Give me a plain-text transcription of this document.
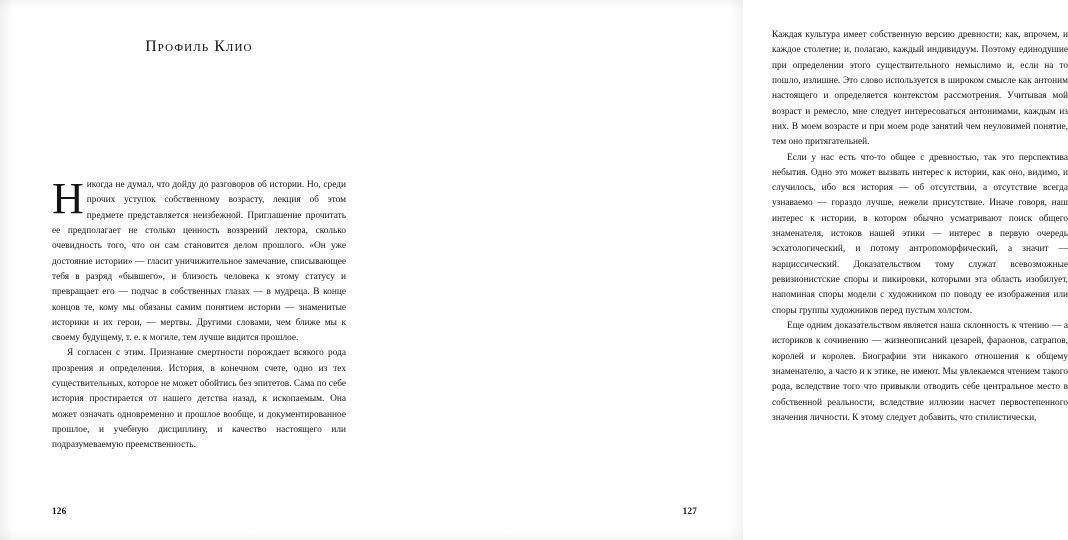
Профиль Клио

Никогда не думал, что дойду до разговоров об истории. Но, среди прочих уступок собственному возрасту, лекция об этом предмете представляется неизбежной. Приглашение прочитать ее предполагает не столько ценность воззрений лектора, сколько очевидность того, что он сам становится делом прошлого. «Он уже достояние истории» — гласит уничижительное замечание, списывающее тебя в разряд «бывшего», и близость человека к этому статусу и превращает его — подчас в собственных глазах — в мудреца. В конце концов те, кому мы обязаны самим понятием истории — знаменитые историки и их герои, — мертвы. Другими словами, чем ближе мы к своему будущему, т. е. к могиле, тем лучше видится прошлое.

Я согласен с этим. Признание смертности порождает всякого рода прозрения и определения. История, в конечном счете, одно из тех существительных, которое не может обойтись без эпитетов. Сама по себе история простирается от нашего детства назад, к ископаемым. Она может означать одновременно и прошлое вообще, и документированное прошлое, и учебную дисциплину, и качество настоящего или подразумеваемую преемственность.

126

Каждая культура имеет собственную версию древности; как, впрочем, и каждое столетие; и, полагаю, каждый индивидуум. Поэтому единодушие при определении этого существительного немыслимо и, если на то пошло, излишне. Это слово используется в широком смысле как антоним настоящего и определяется контекстом рассмотрения. Учитывая мой возраст и ремесло, мне следует интересоваться антонимами, каждым из них. В моем возрасте и при моем роде занятий чем неуловимей понятие, тем оно притягательней.

Если у нас есть что-то общее с древностью, так это перспектива небытия. Одно это может вызвать интерес к истории, как оно, видимо, и случилось, ибо вся история — об отсутствии, а отсутствие всегда узнаваемо — гораздо лучше, нежели присутствие. Иначе говоря, наш интерес к истории, в котором обычно усматривают поиск общего знаменателя, истоков нашей этики — интерес в первую очередь эсхатологический, и потому антропоморфический, а значит — нарциссический. Доказательством тому служат всевозможные ревизионистские споры и пикировки, которыми эта область изобилует, напоминая споры модели с художником по поводу ее изображения или споры группы художников перед пустым холстом.

Еще одним доказательством является наша склонность к чтению — а историков к сочинению — жизнеописаний цезарей, фараонов, сатрапов, королей и королев. Биографии эти никакого отношения к общему знаменателю, а часто и к этике, не имеют. Мы увлекаемся чтением такого рода, вследствие того что привыкли отводить себе центральное место в собственной реальности, вследствие иллюзии насчет первостепенного значения личности. К этому следует добавить, что стилистически,

127
